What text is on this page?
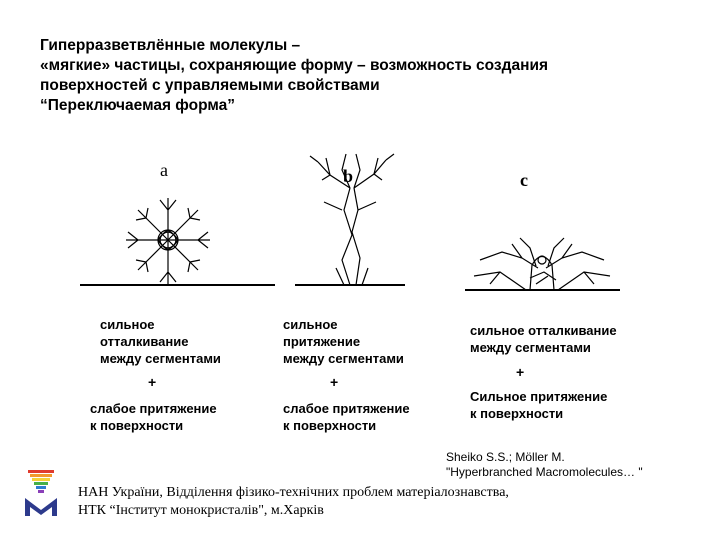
Гиперразветвлённые молекулы –
«мягкие» частицы, сохраняющие форму – возможность создания
поверхностей с управляемыми свойствами
“Переключаемая форма”
a	b	c
сильное
отталкивание
между сегментами
+
слабое притяжение
к поверхности
сильное
притяжение
между сегментами
+
слабое притяжение
к поверхности
сильное отталкивание
между сегментами
+
Сильное притяжение
к поверхности
Sheiko S.S.; Möller M.
"Hyperbranched Macromolecules… "
НАН України, Відділення фізико-технічних проблем матеріалознавства,
НТК “Інститут монокристалів", м.Харків
